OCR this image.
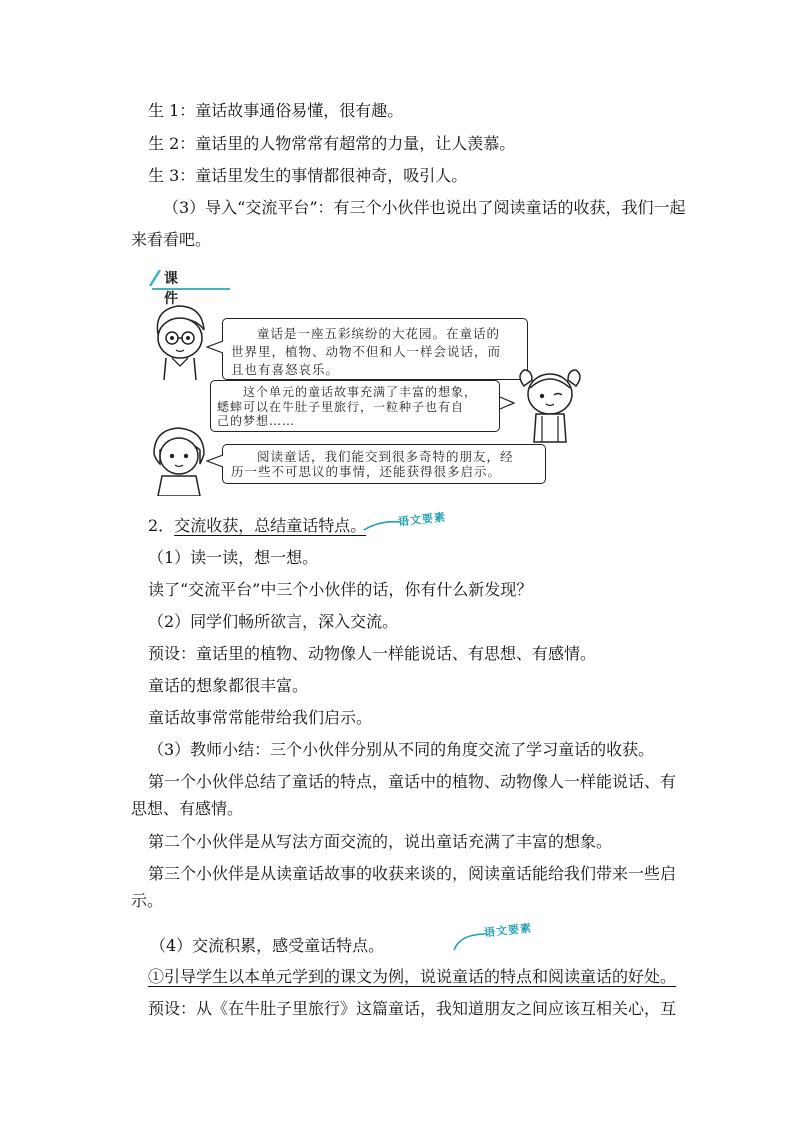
生 1：童话故事通俗易懂，很有趣。
生 2：童话里的人物常常有超常的力量，让人羡慕。
生 3：童话里发生的事情都很神奇，吸引人。
（3）导入“交流平台”：有三个小伙伴也说出了阅读童话的收获，我们一起
来看看吧。
课件
童话是一座五彩缤纷的大花园。在童话的
世界里，植物、动物不但和人一样会说话，而
且也有喜怒哀乐。
这个单元的童话故事充满了丰富的想象，
蟋蟀可以在牛肚子里旅行，一粒种子也有自
己的梦想……
阅读童话，我们能交到很多奇特的朋友，经
历一些不可思议的事情，还能获得很多启示。
2．交流收获，总结童话特点。	语文要素
（1）读一读，想一想。
读了“交流平台”中三个小伙伴的话，你有什么新发现？
（2）同学们畅所欲言，深入交流。
预设：童话里的植物、动物像人一样能说话、有思想、有感情。
童话的想象都很丰富。
童话故事常常能带给我们启示。
（3）教师小结：三个小伙伴分别从不同的角度交流了学习童话的收获。
第一个小伙伴总结了童话的特点，童话中的植物、动物像人一样能说话、有
思想、有感情。
第二个小伙伴是从写法方面交流的，说出童话充满了丰富的想象。
第三个小伙伴是从读童话故事的收获来谈的，阅读童话能给我们带来一些启
示。
（4）交流积累，感受童话特点。
语文要素
①引导学生以本单元学到的课文为例，说说童话的特点和阅读童话的好处。
预设：从《在牛肚子里旅行》这篇童话，我知道朋友之间应该互相关心，互
